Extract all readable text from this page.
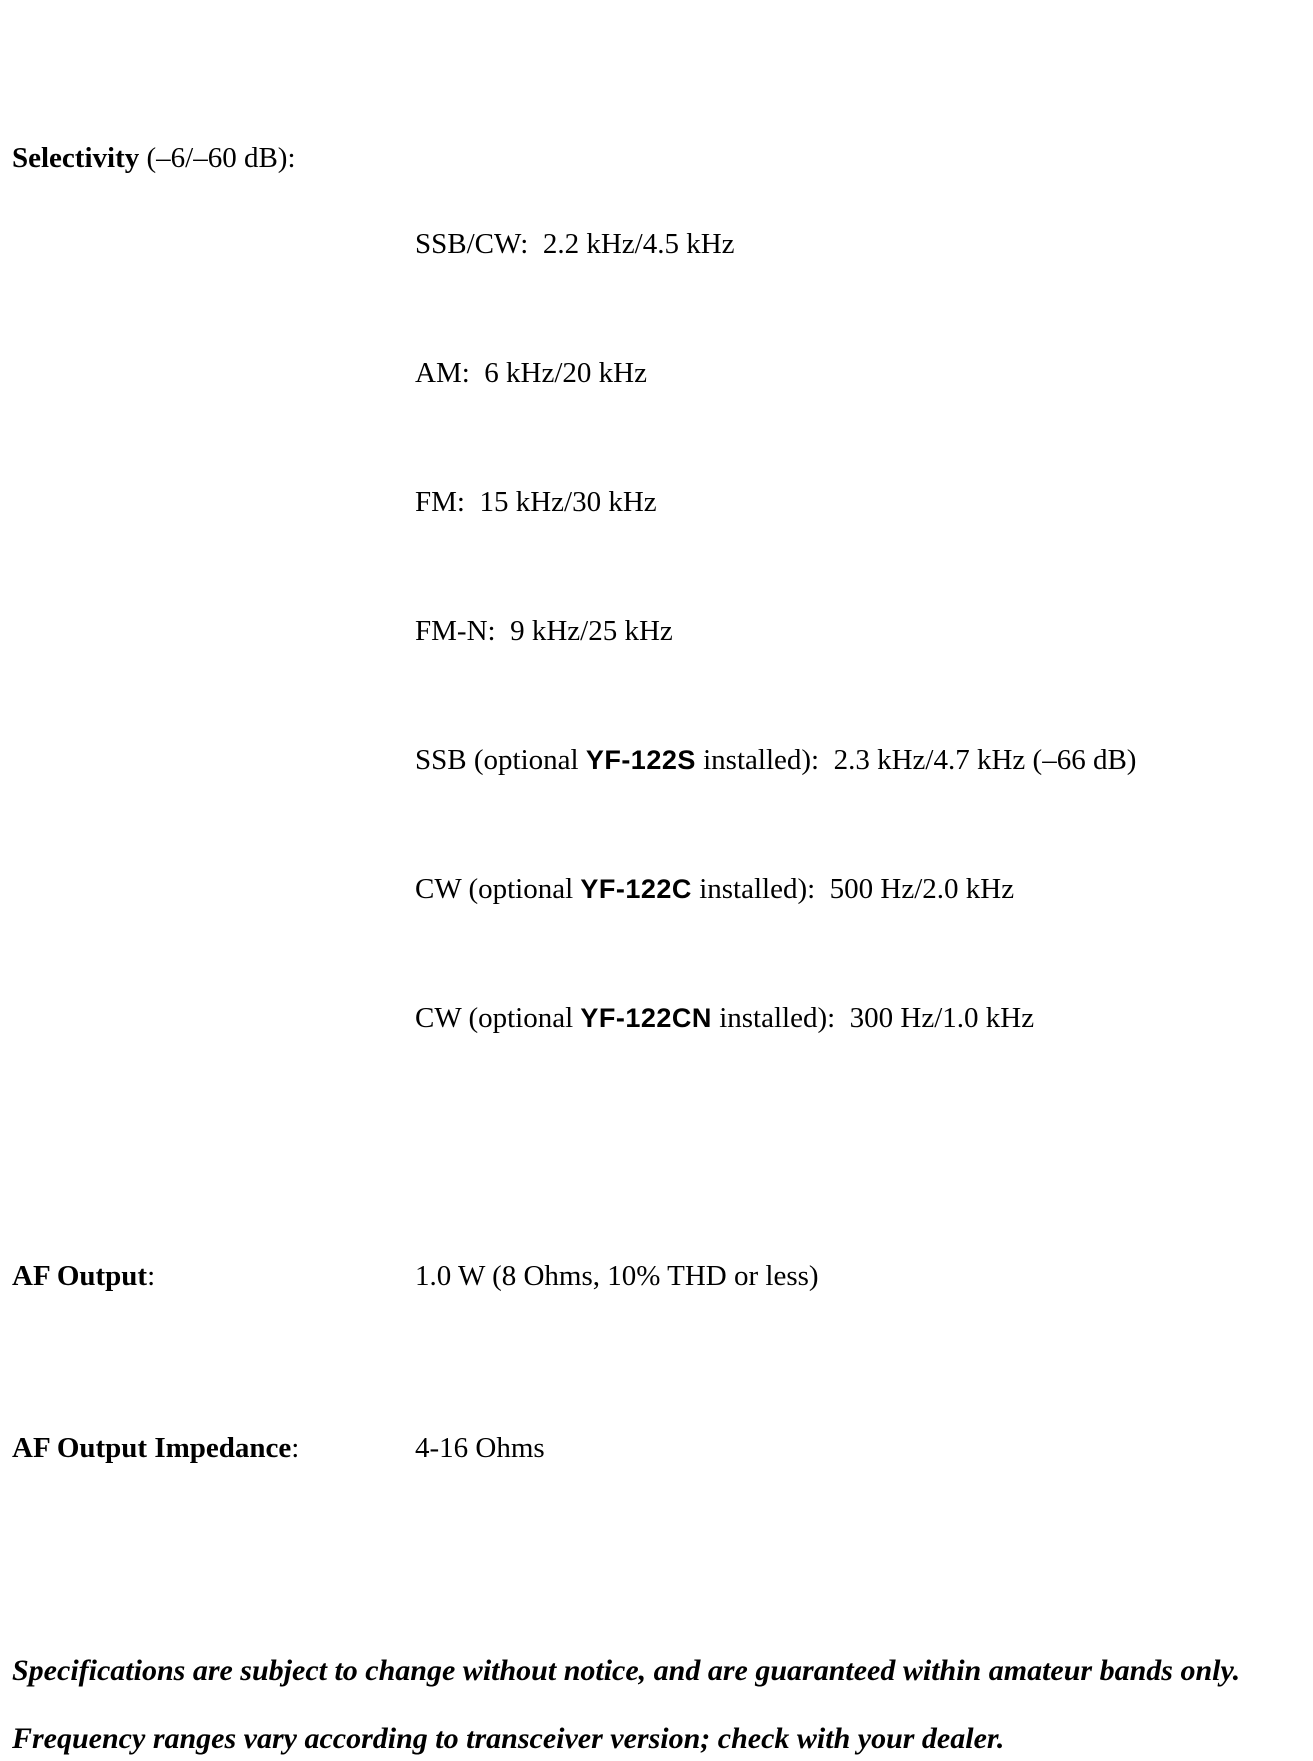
Selectivity (–6/–60 dB):

SSB/CW:  2.2 kHz/4.5 kHz

AM:  6 kHz/20 kHz

FM:  15 kHz/30 kHz

FM-N:  9 kHz/25 kHz

SSB (optional YF-122S installed):  2.3 kHz/4.7 kHz (–66 dB)

CW (optional YF-122C installed):  500 Hz/2.0 kHz

CW (optional YF-122CN installed):  300 Hz/1.0 kHz

AF Output:	1.0 W (8 Ohms, 10% THD or less)

AF Output Impedance:	4-16 Ohms

Specifications are subject to change without notice, and are guaranteed within amateur bands only.

Frequency ranges vary according to transceiver version; check with your dealer.
